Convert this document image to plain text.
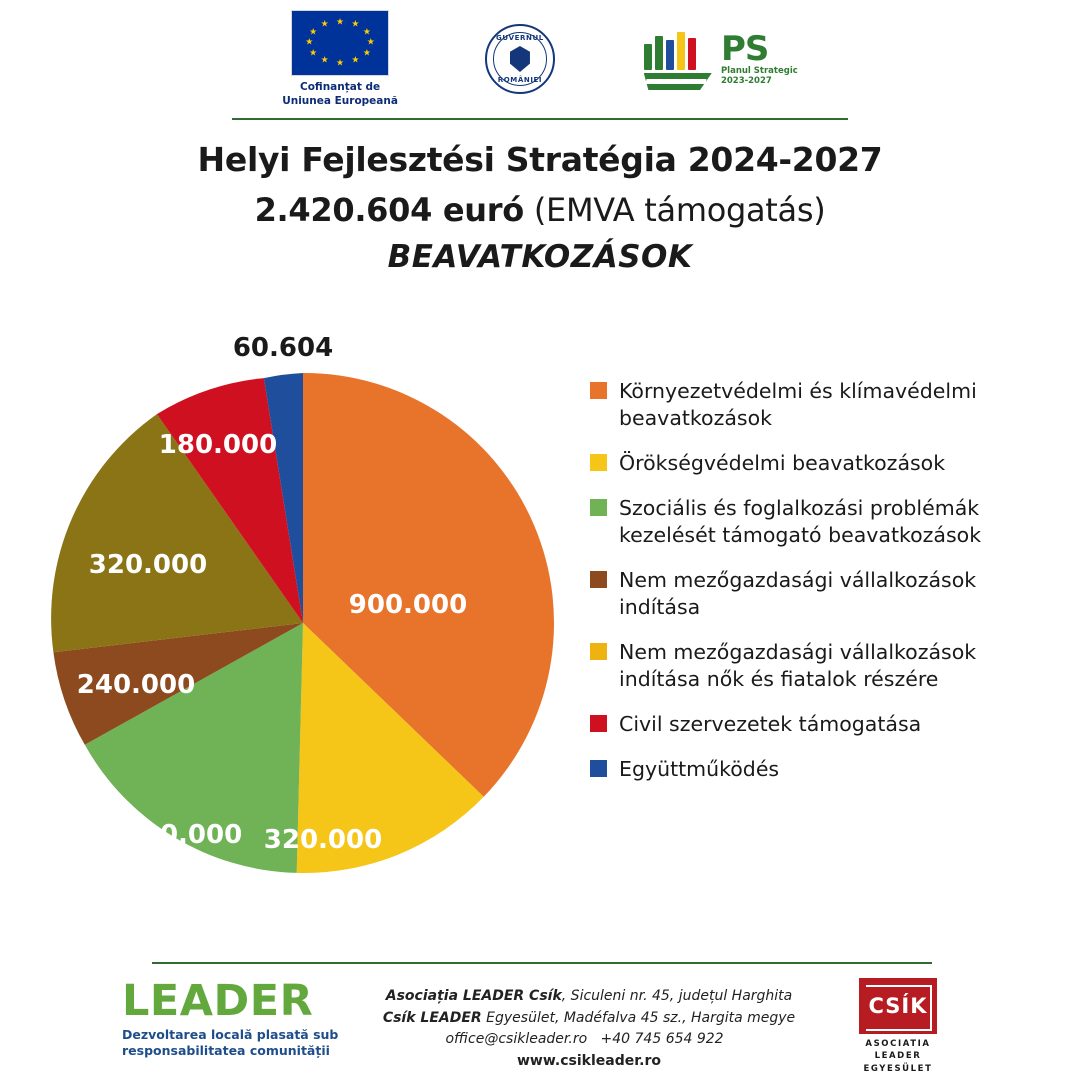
★ ★
★
★
★
★
★
★
★
★
★
★
Cofinanțat de
Uniunea Europeană
GUVERNUL
ROMÂNIEI
PS
Planul Strategic
2023-2027
Helyi Fejlesztési Stratégia 2024-2027
2.420.604 euró (EMVA támogatás)
BEAVATKOZÁSOK
900.000
320.000
400.000
240.000
320.000
180.000
60.604
Környezetvédelmi és klímavédelmi beavatkozások
Örökségvédelmi beavatkozások
Szociális és foglalkozási problémák kezelését támogató beavatkozások
Nem mezőgazdasági vállalkozások indítása
Nem mezőgazdasági vállalkozások indítása nők és fiatalok részére
Civil szervezetek támogatása
Együttműködés
LEADER
Dezvoltarea locală plasată sub
responsabilitatea comunității
Asociația LEADER Csík, Siculeni nr. 45, județul Harghita
Csík LEADER Egyesület, Madéfalva 45 sz., Hargita megye
office@csikleader.ro +40 745 654 922   www.csikleader.ro
CSÍK
ASOCIATIA
LEADER
EGYESÜLET
